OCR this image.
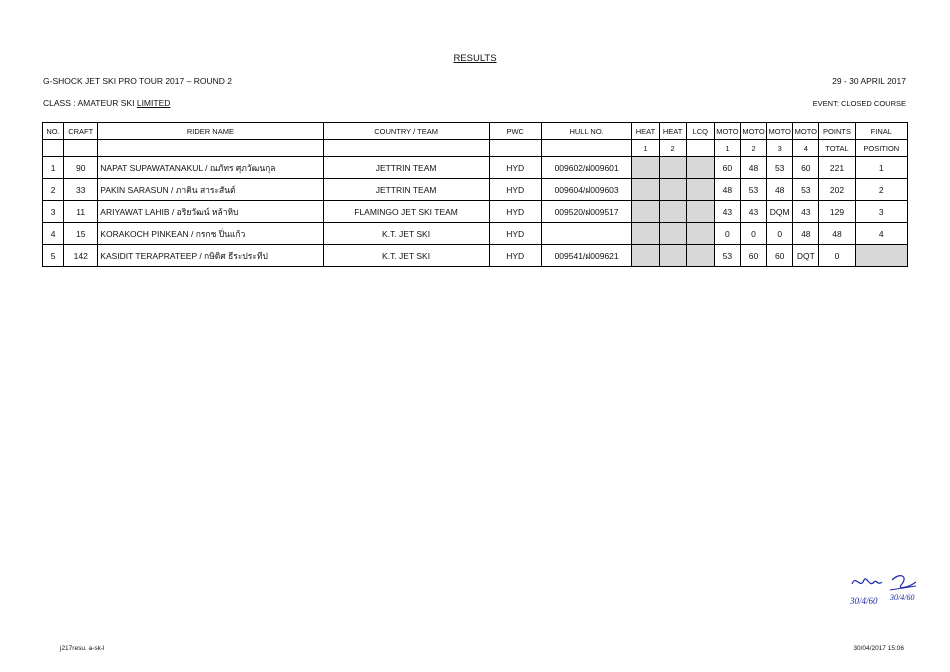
RESULTS
G-SHOCK JET SKI PRO TOUR 2017 – ROUND 2	29 - 30 APRIL 2017
CLASS : AMATEUR SKI LIMITED	EVENT: CLOSED COURSE
NO.	CRAFT	RIDER NAME	COUNTRY / TEAM	PWC	HULL NO.	HEAT	HEAT	LCQ	MOTO	MOTO	MOTO	MOTO	POINTS	FINAL
						1	2		1	2	3	4	TOTAL	POSITION
1	90	NAPAT SUPAWATANAKUL / ณภัทร ศุภวัฒนกุล	JETTRIN TEAM	HYD	009602/ฝ009601				60	48	53	60	221	1
2	33	PAKIN SARASUN / ภาคิน สาระสันต์	JETTRIN TEAM	HYD	009604/ฝ009603				48	53	48	53	202	2
3	11	ARIYAWAT LAHIB / อริยวัฒน์ หล้าหิบ	FLAMINGO JET SKI TEAM	HYD	009520/ฝ009517				43	43	DQM	43	129	3
4	15	KORAKOCH PINKEAN / กรกช ปิ่นแก้ว	K.T. JET SKI	HYD					0	0	0	48	48	4
5	142	KASIDIT TERAPRATEEP / กษิดิศ ธีระประทีป	K.T. JET SKI	HYD	009541/ฝ009621				53	60	60	DQT	0	
30/4/60 30/4/60
j217resu. a-sk-l	30/04/2017 15:06
